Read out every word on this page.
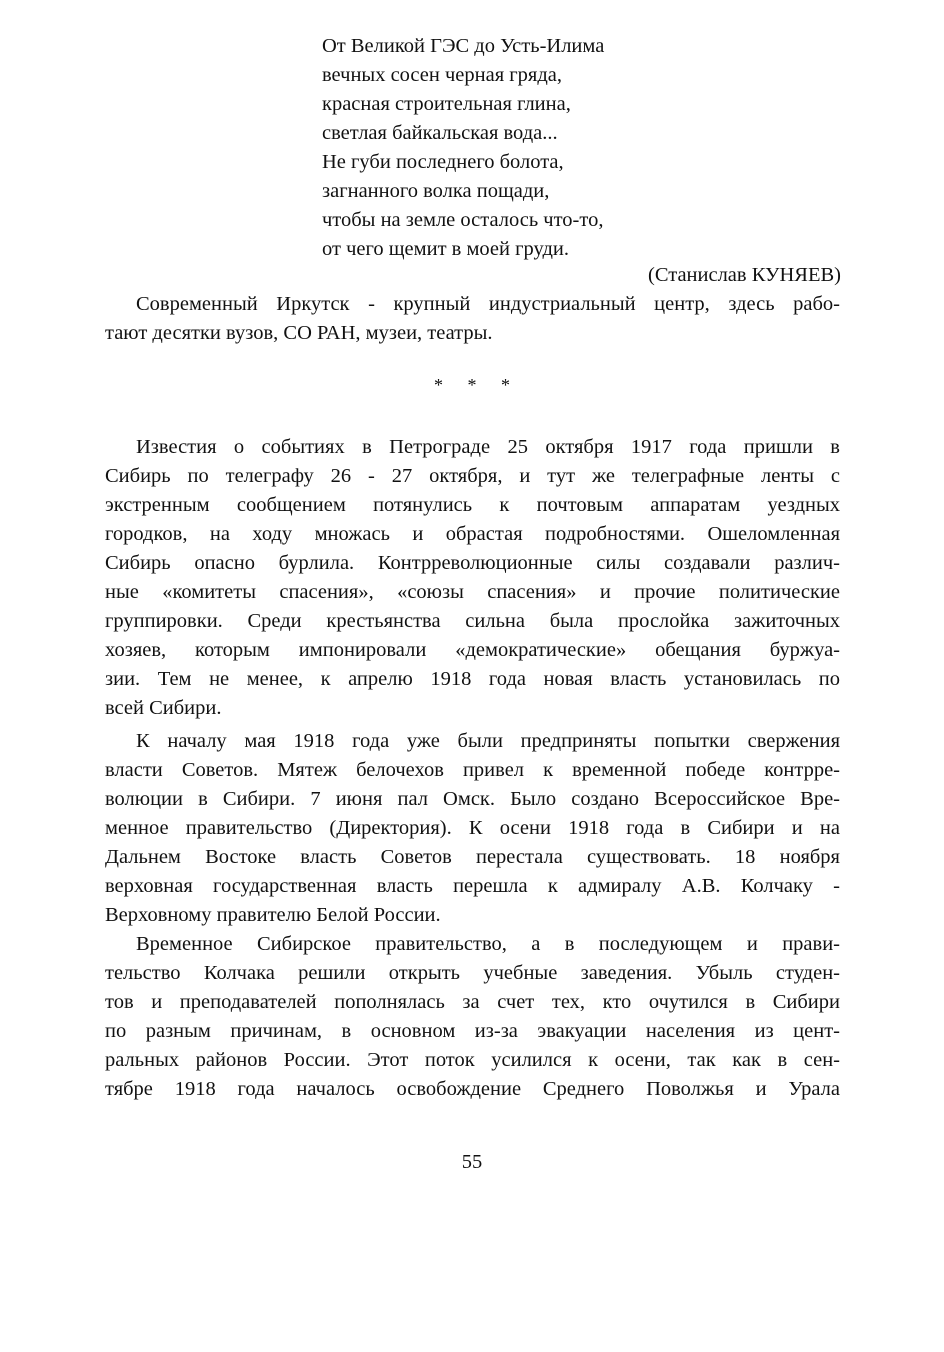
От Великой ГЭС до Усть-Илима
вечных сосен черная гряда,
красная строительная глина,
светлая байкальская вода...
Не губи последнего болота,
загнанного волка пощади,
чтобы на земле осталось что-то,
от чего щемит в моей груди.
(Станислав КУНЯЕВ)
Современный Иркутск - крупный индустриальный центр, здесь рабо-
тают десятки вузов, СО РАН, музеи, театры.
* * *
Известия о событиях в Петрограде 25 октября 1917 года пришли в
Сибирь по телеграфу 26 - 27 октября, и тут же телеграфные ленты с
экстренным сообщением потянулись к почтовым аппаратам уездных
городков, на ходу множась и обрастая подробностями. Ошеломленная
Сибирь опасно бурлила. Контрреволюционные силы создавали различ-
ные «комитеты спасения», «союзы спасения» и прочие политические
группировки. Среди крестьянства сильна была прослойка зажиточных
хозяев, которым импонировали «демократические» обещания буржуа-
зии. Тем не менее, к апрелю 1918 года новая власть установилась по
всей Сибири.
К началу мая 1918 года уже были предприняты попытки свержения
власти Советов. Мятеж белочехов привел к временной победе контрре-
волюции в Сибири. 7 июня пал Омск. Было создано Всероссийское Вре-
менное правительство (Директория). К осени 1918 года в Сибири и на
Дальнем Востоке власть Советов перестала существовать. 18 ноября
верховная государственная власть перешла к адмиралу А.В. Колчаку -
Верховному правителю Белой России.
Временное Сибирское правительство, а в последующем и прави-
тельство Колчака решили открыть учебные заведения. Убыль студен-
тов и преподавателей пополнялась за счет тех, кто очутился в Сибири
по разным причинам, в основном из-за эвакуации населения из цент-
ральных районов России. Этот поток усилился к осени, так как в сен-
тябре 1918 года началось освобождение Среднего Поволжья и Урала
55
